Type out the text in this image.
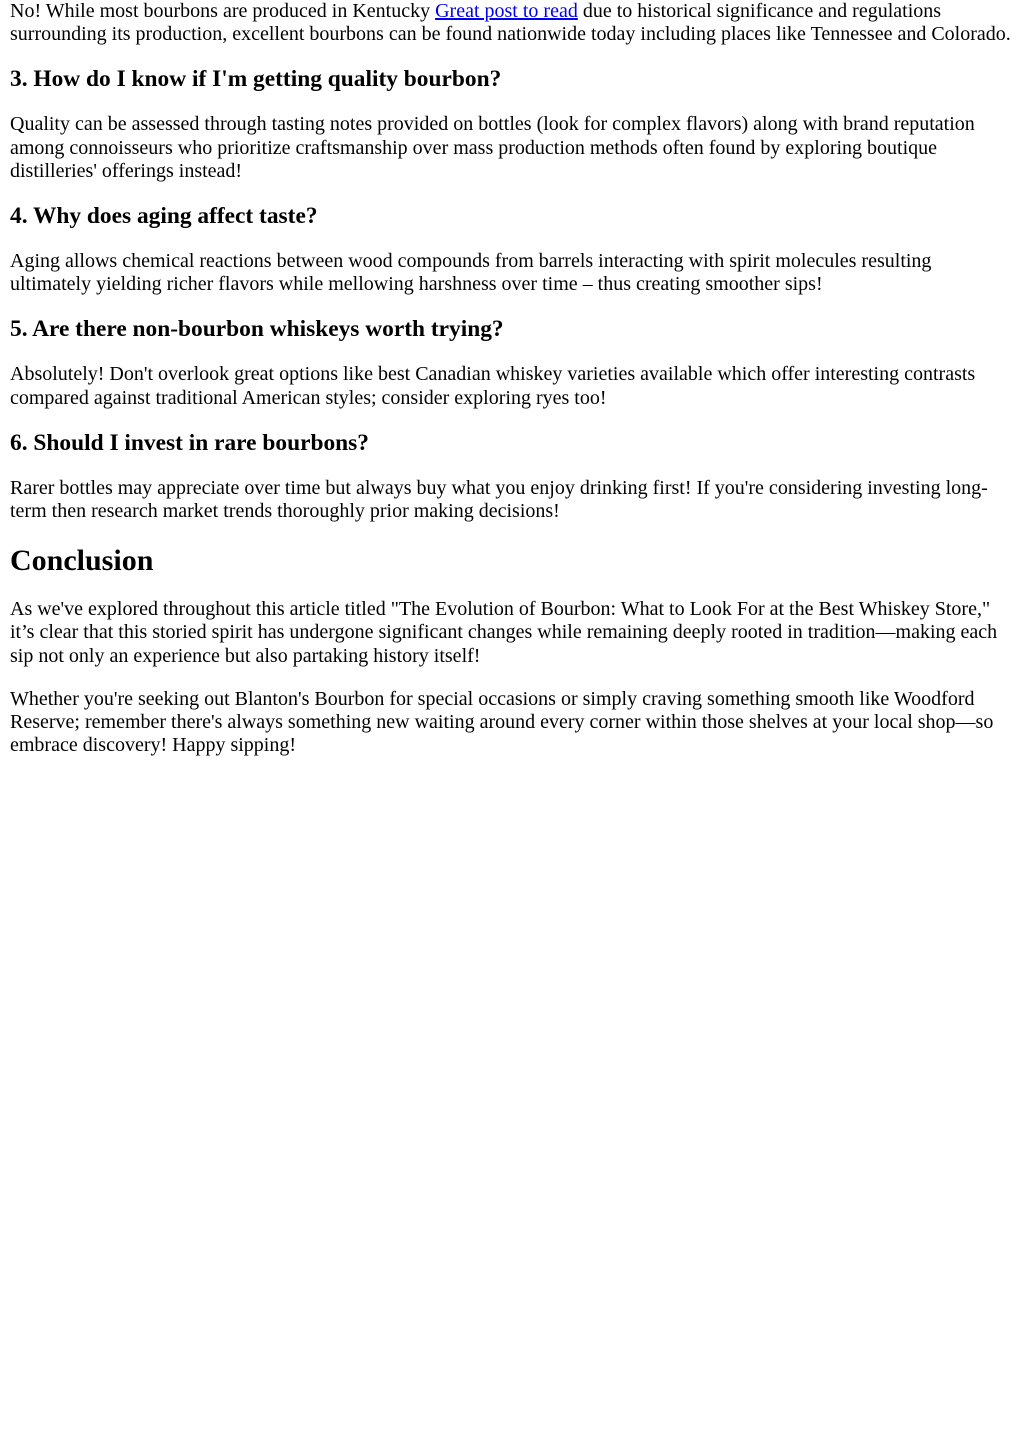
No! While most bourbons are produced in Kentucky Great post to read due to historical significance and regulations surrounding its production, excellent bourbons can be found nationwide today including places like Tennessee and Colorado.

3. How do I know if I'm getting quality bourbon?

Quality can be assessed through tasting notes provided on bottles (look for complex flavors) along with brand reputation among connoisseurs who prioritize craftsmanship over mass production methods often found by exploring boutique distilleries' offerings instead!

4. Why does aging affect taste?

Aging allows chemical reactions between wood compounds from barrels interacting with spirit molecules resulting ultimately yielding richer flavors while mellowing harshness over time – thus creating smoother sips!

5. Are there non-bourbon whiskeys worth trying?

Absolutely! Don't overlook great options like best Canadian whiskey varieties available which offer interesting contrasts compared against traditional American styles; consider exploring ryes too!

6. Should I invest in rare bourbons?

Rarer bottles may appreciate over time but always buy what you enjoy drinking first! If you're considering investing long-term then research market trends thoroughly prior making decisions!

Conclusion

As we've explored throughout this article titled "The Evolution of Bourbon: What to Look For at the Best Whiskey Store," it’s clear that this storied spirit has undergone significant changes while remaining deeply rooted in tradition—making each sip not only an experience but also partaking history itself!

Whether you're seeking out Blanton's Bourbon for special occasions or simply craving something smooth like Woodford Reserve; remember there's always something new waiting around every corner within those shelves at your local shop—so embrace discovery! Happy sipping!
